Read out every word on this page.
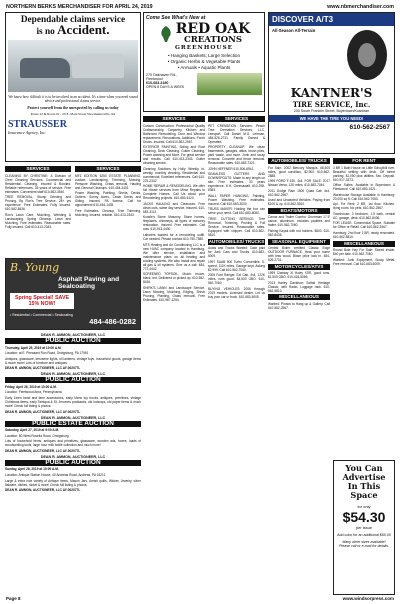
NORTHERN BERKS MERCHANDISER FOR APRIL 24, 2019	www.nbmerchandiser.com
Dependable claims service
is no Accident.
We know how difficult it is to be involved in an accident. It's a time when you need sound advice and professional claims service.
Protect yourself from the unexpected by calling us today
Route 22 & Route 61 / 20 E. Main Street Shoemakersville, PA
STRAUSSER
Insurance Agency, Inc.
SERVICES

CLEANING BY CHRISTINE: A Division of Clem Cleaning Services. Commercial and Residential. Cleaning. Insured & Bonded. Reliable references. 35 years of service. Free estimates. Convenient staff 610-562-3540.

TREE REMOVAL, Stump Grinding and Pruning. By Ron's Tree Service. 28+ yrs experience. Free Estimates. Fully insured. 610-562-8436.

Ron's Lawn Care, Mulching, Weeding & Landscaping. Spring Cleanup. Lawn and Mulching. Free estimates. Reasonable rates. Fully insured. Call 610-413-2343.

SERVICES

MFZ EDITION 5250 ESTATE PLANNING, custom. Landscaping, Trimming, Mowing, Pressure Washing, Grass removal, Hauling and General Cleanups. 610-454-3401

Power Washing, Painting, Sheds, Decks, Gutters. Sunny Acres, Cedar Decks and Siding. Insured, PA license. Call for appointment 610-454-1435

Free Estimates. Cleanup, Tree Trimming, Mulching. Insured, reliable. 610-413-2343.

B. Young
Asphalt Paving and Sealcoating
Spring Special! SAVE 15% NOW!
• Residential • Commercial • Sealcoating
484-486-0282
DEAN R. AMMON, AUCTIONEER, LLC
PUBLIC AUCTION

Thursday, April 25, 2019 at 10:00 A.M.

Location: at E. Pheasant Run Road, Orwigsburg, PA 17961

Antiques, glassware, kerosene lights, oil lanterns, vintage toys, household goods, garage items & much more! Lots of furniture and antiques.

DEAN R. AMMON, AUCTIONEER, LLC AY-002077L

DEAN R. AMMON, AUCTIONEER, LLC
PUBLIC AUCTION

Friday, April 26, 2019 at 10:00 A.M.

Location: Fleetwood Area, Pennsylvania

Early Linen hand and farm accessories, early Manx toy trucks, antiques, primitives, vintage Christmas items, early Tamiqua & St. Jeromes postbacks, old hubcaps, old paper items & much more! Check full listing & photos.

DEAN R. AMMON, AUCTIONEER, LLC AY-002077L

DEAN R. AMMON, AUCTIONEER, LLC
PUBLIC ESTATE AUCTION

Saturday, April 27, 2019 at 9:00 A.M.

Location: 80 West Rosella Road, Orwigsburg

Lots of household items, antiques and primitives, glassware, wooden ads, boxes, loads of woodworking tools, large hour milk bottle collection and much more!

DEAN R. AMMON, AUCTIONEER, LLC AY-002077L

DEAN R. AMMON, AUCTIONEER, LLC
PUBLIC AUCTION

Sunday, April 28, 2019 at 10:00 A.M.

Location: Antique Station House, 40 Andreas Road, Andreas, PA 18211

Large & extra nice variety of Antique items, Mason Jars, Amish quilts, Wicker, Jewelry, silver flatware, dishes, nickel & more! Check full listing & photos.

DEAN R. AMMON, AUCTIONEER, LLC AY-002077L

Come See What's New at
RED OAK
CREATIONS
GREENHOUSE
• Hanging Baskets; Large Selection
• Organic Herbs & Vegetable Plants
• Annuals • Aquatic Plants
275 Oakhaven Rd., Fleetwood
610-683-3180
OPEN 8 DAYS A WEEK
SERVICES

Custom Construction: Professional Quality Craftsmanship, Carpentry, Kitchen and Bathroom Remodeling, Door and Window replacement, Renovations, Additions, Porch Decks. Insured. Call 610-562-2567.

EXTERIOR PAINTING, Siding and Roof Cleaning, Deck Cleaning, Gutter Cleaning, Power washing and More. For great service and results. Call 610-413-2343. Gutter cleaning service.

Cleaning Solutions by Holly. Weekly, bi-weekly, monthly cleaning. Residential and commercial. Excellent references. Call 610-223-2342

HOME REPAIR & REMODELING. We offer full House services from Minor Repairs to Complete Homes. Call Us about your Remodeling projects. 610-683-6120.

JACKS HAULING and Cleanouts. Free clean outs, same day service. Insured. 610-683-3113

Kunkle's Stone Masonry. Stone homes, fireplaces, chimneys, all types of masonry restoration. Insured. Free estimates. Call now. 610-913-4430.

Laborers wanted for a remodeling outfit. Car needed. Please contact 610-750-7580.

MTS Heating and Air Conditioning LLC is a new HVAC company located in Hamburg. We offer service, installation and maintenance plans on all heating and cooling systems. We also install and repair all gas & oil systems. Give us a call: 484-772-4442.

SCREENED TOPSOIL, Mulch: brown, black, red. Delivered or picked up. 610-562-8436.

SHIRK'S LAWN and Landscape Service. Lawn Mowing, Mulching, Edging, Shrub Pruning, Planting, Grass removal. Free Estimates. 610-987-1254.

SERVICES

PET CREMATION Services: Peach Tree Cremation Services, LLC, Leesport. Call Daniel M.G. Lehman, 484-526-2731. Family Owned & Operated.

PROPERTY CLEANUP: We clean basements, garages, attics, brush piles, yard waste, and more. Junk and scrap removal. Concrete and fence removal. Reasonable rates. 610-683-7321.

JOHN HEFFNER 610-506-6941.

SEAMLESS GUTTERS AND DOWNSPOUTS: Made to any length on site. Free estimates. 30 years experience. K.H. Greenawalt, 610-298-8383.

WALL PAPER HANGING, Painting, Power Washing. Free estimates. Insured. Call 610-683-3000.

TRUSS MAKER: Holding the box can serve your need. Call 610-683-8080.

TREE CUTTING SERVICE: Tree Removal, Trimming, Pruning & Full Service. Insured. Reasonable rates. Equipped with chipper. Call 610-562-5810.

AUTOMOBILES/ TRUCKS

Autos and Trucks Wanted: Cash paid for Junk Cars and Trucks. 610-683-6009.

1997 SAAB 900 Turbo Convertible. 5-speed, 111K miles. Garage kept. Asking $2,999. Call 610-562-7060.

2005 Ford Ranger. Ext Cab, 4x4, 122K miles, runs good. $4,500 OBO. 610-562-7060.

BUYING VEHICLES: 2006 through 2019 models. Licensed dealer. Let us buy your car or truck. 610-683-5005.

DISCOVER A/T3
All-Season All-Terrain
KANTNER'S
TIRE SERVICE, Inc.
230 South Franklin Street, Boyertown/Kutztown
WE HAVE THE TIRE YOU NEED!
610-562-2567
AUTOMOBILES/ TRUCKS

For Sale: 2002 Mercury Marquis, 68,500 miles, good condition, $2,900. 610-562-2888.

1999 FORD F-150, 4x4. FOR SALE: 2017 Nissan Versa, 12K miles. 610-683-7044.

2011 Dodge Ram 1500 Quad Cab 4x4. 610-562-2567.

Used and Unwanted Vehicles. Paying from $100 & up. 610-562-5810.

BOATS/MOTORS

Canoe and Trailer Combo: Grumman 17.5' canoe, aluminum. Includes paddles and trailer. 610-562-7060.

Fishing Kayak with rod holders. $600. 610-562-8436.

SEASONAL EQUIPMENT

Central Boiler certified Classic Edge OUTDOOR FURNACE. Heat your home with less wood. Blose price lock in. 484-526-2731.

MOTORCYCLES/ATVS

1999 Ciabsay Xl Holey XSR, good runs. $1,500 OBO. 610-416-5066.

2013 Harley Davidson Softail Heritage Classic, with Radio, Luggage rack. 610-562-5810.

MISCELLANEOUS

Wanted: Photos to Hang up & Gallery. Call 610-562-2567.

FOR RENT

3 BR 1 Bath House on Little Schuylkill river. Beautiful setting with deck. Off street parking. $1,050 plus utilities. Sec. Deposit. 610-917-3373.

Office Suites: Available in Boyertown & Fleetwood. Call 610-683-1021.

Warehouse Storage Available in Hamburg: 20,000 sq ft. Call 610-562-7060.

Apt. For Rent: 2 BR, 1st floor. Kitchen, living room. No pets. 610-562-2567.

Townhouse: 3 bedroom, 1.5 bath, central AC, garage, deck. 610-562-8436.

FOR LEASE: Commercial Space. Suitable for Office or Retail. Call 610-562-2567.

Hamburg: 2nd floor 1 BR, newly renovated. 610-562-5810.

MISCELLANEOUS

Round Bale Hay For Sale: Stored inside. $40 per bale. 610-562-7060.

Wanted: Junk Equipment, Scrap Metal. Free removal. Call 610-683-6009.

You Can Advertise In This Space
for only
$54.30
per issue
Add color for an additional $50.00
Many other sizes available! Please call or e-mail for details.
Page 8	www.windsorpress.com
